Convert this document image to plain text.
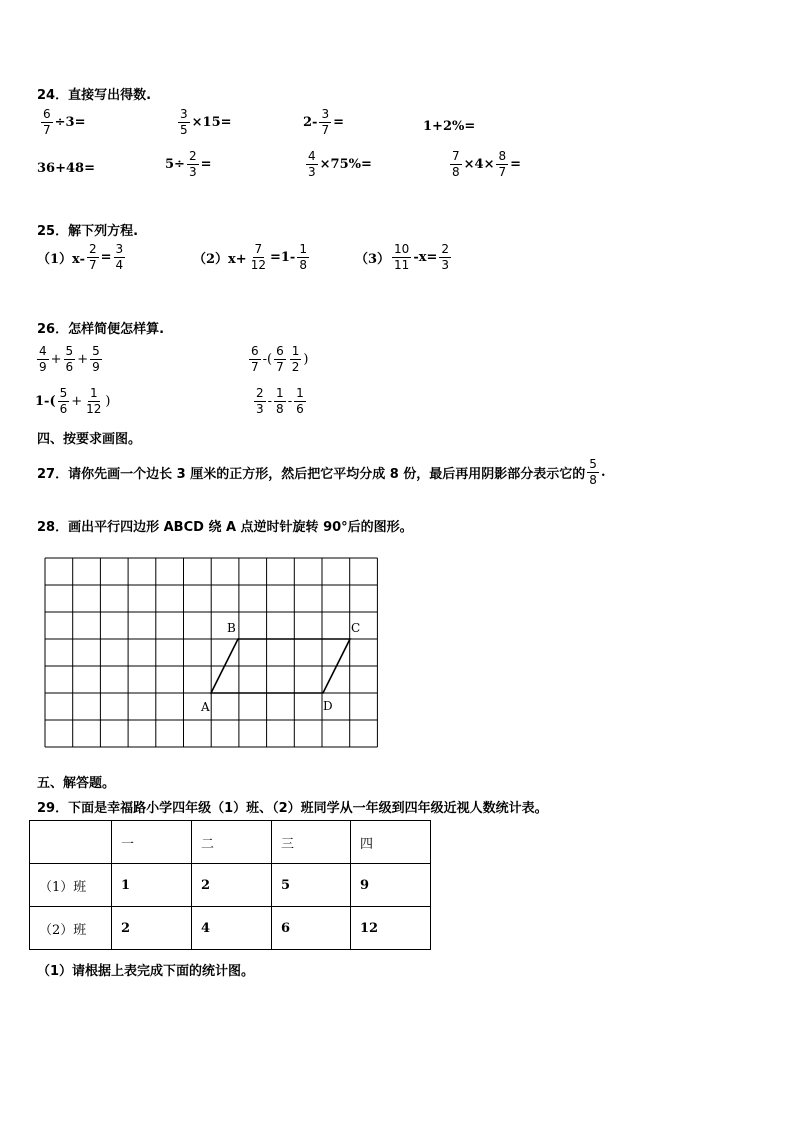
24．直接写出得数.
$\frac{6}{7} \div 3=$	$\frac{3}{5} \times 15=$	$2- \frac{3}{7}$ =	1+2%=
36+48=	$5\div \frac{2}{3}$ =	$\frac{4}{3} \times 75\%=$	$\frac{7}{8} \times 4\times \frac{8}{7}$ =
25．解下列方程.
$(1)x- \frac{2}{7} = \frac{3}{4}$	$(2)x+ \frac{7}{12} =1- \frac{1}{8}$	$(3) \frac{10}{11} -x= \frac{2}{3}$
26．怎样简便怎样算.
$\frac{4}{9} + \frac{5}{6} + \frac{5}{9}$	$\frac{6}{7}$ -( $\frac{6}{7} \frac{1}{2}$ )
$1-( \frac{5}{6} + \frac{1}{12}$ )	$\frac{2}{3} - \frac{1}{8} - \frac{1}{6}$
四、按要求画图。
27．请你先画一个边长 3 厘米的正方形，然后把它平均分成 8 份，最后再用阴影部分表示它的 $\frac{5}{8}$ .
28．画出平行四边形 ABCD 绕 A 点逆时针旋转 90°后的图形。
A
B	C
D
五、解答题。
29．下面是幸福路小学四年级（1）班、（2）班同学从一年级到四年级近视人数统计表。
	一	二	三	四
（1）班	1	2	5	9
（2）班	2	4	6	12
（1）请根据上表完成下面的统计图。
